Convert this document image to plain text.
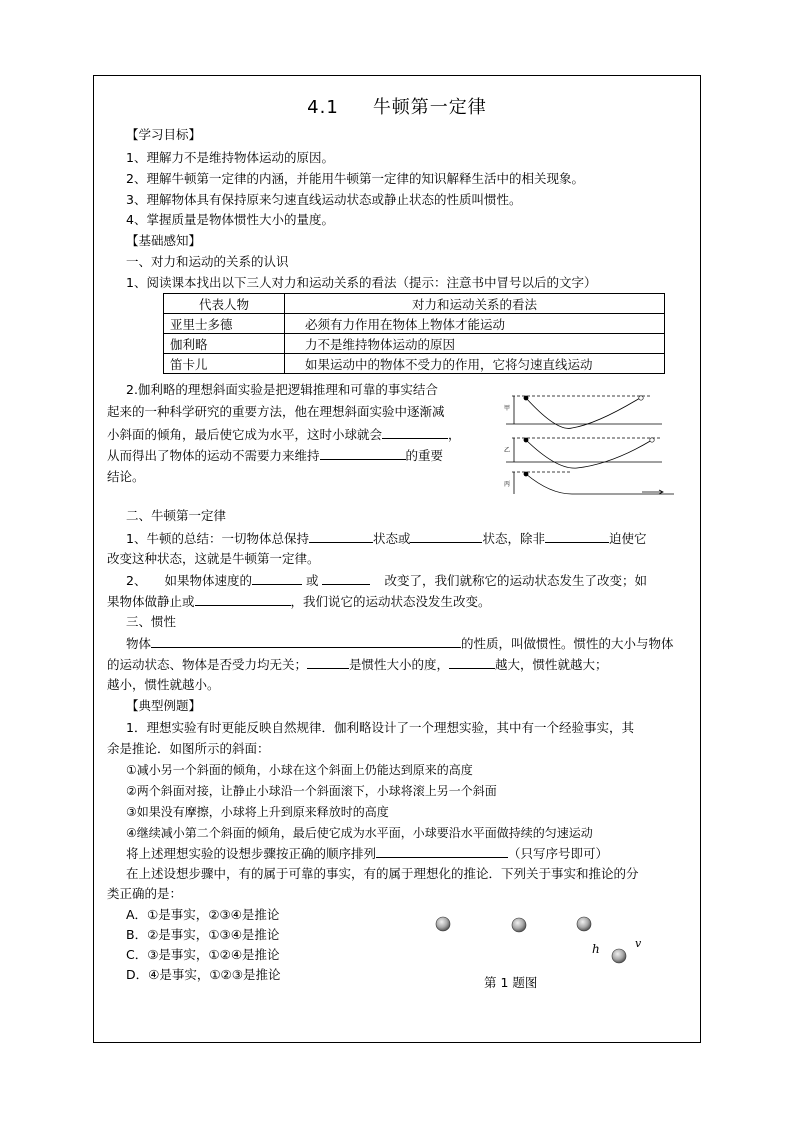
4.1 牛顿第一定律
【学习目标】
1、理解力不是维持物体运动的原因。
2、理解牛顿第一定律的内涵，并能用牛顿第一定律的知识解释生活中的相关现象。
3、理解物体具有保持原来匀速直线运动状态或静止状态的性质叫惯性。
4、掌握质量是物体惯性大小的量度。
【基础感知】
一、对力和运动的关系的认识
1、阅读课本找出以下三人对力和运动关系的看法（提示：注意书中冒号以后的文字）
代表人物	对力和运动关系的看法
亚里士多德	必须有力作用在物体上物体才能运动
伽利略	力不是维持物体运动的原因
笛卡儿	如果运动中的物体不受力的作用，它将匀速直线运动
2.伽利略的理想斜面实验是把逻辑推理和可靠的事实结合
起来的一种科学研究的重要方法，他在理想斜面实验中逐渐减
小斜面的倾角，最后使它成为水平，这时小球就会	，
从而得出了物体的运动不需要力来维持	的重要
结论。
甲
乙
丙
二、牛顿第一定律
1、牛顿的总结：一切物体总保持	状态或	状态，除非	迫使它
改变这种状态，这就是牛顿第一定律。
2、 如果物体速度的	或	改变了，我们就称它的运动状态发生了改变；如
果物体做静止或	，我们说它的运动状态没发生改变。
三、惯性
物体	的性质，叫做惯性。惯性的大小与物体
的运动状态、物体是否受力均无关；	是惯性大小的度，	越大，惯性就越大；
越小，惯性就越小。
【典型例题】
1．理想实验有时更能反映自然规律．伽利略设计了一个理想实验，其中有一个经验事实，其
余是推论．如图所示的斜面：
①减小另一个斜面的倾角，小球在这个斜面上仍能达到原来的高度
②两个斜面对接，让静止小球沿一个斜面滚下，小球将滚上另一个斜面
③如果没有摩擦，小球将上升到原来释放时的高度
④继续减小第二个斜面的倾角，最后使它成为水平面，小球要沿水平面做持续的匀速运动
将上述理想实验的设想步骤按正确的顺序排列	（只写序号即可）
在上述设想步骤中，有的属于可靠的事实，有的属于理想化的推论．下列关于事实和推论的分
类正确的是：
A．①是事实，②③④是推论
B．②是事实，①③④是推论
C．③是事实，①②④是推论
D．④是事实，①②③是推论
h	v
第 1 题图
